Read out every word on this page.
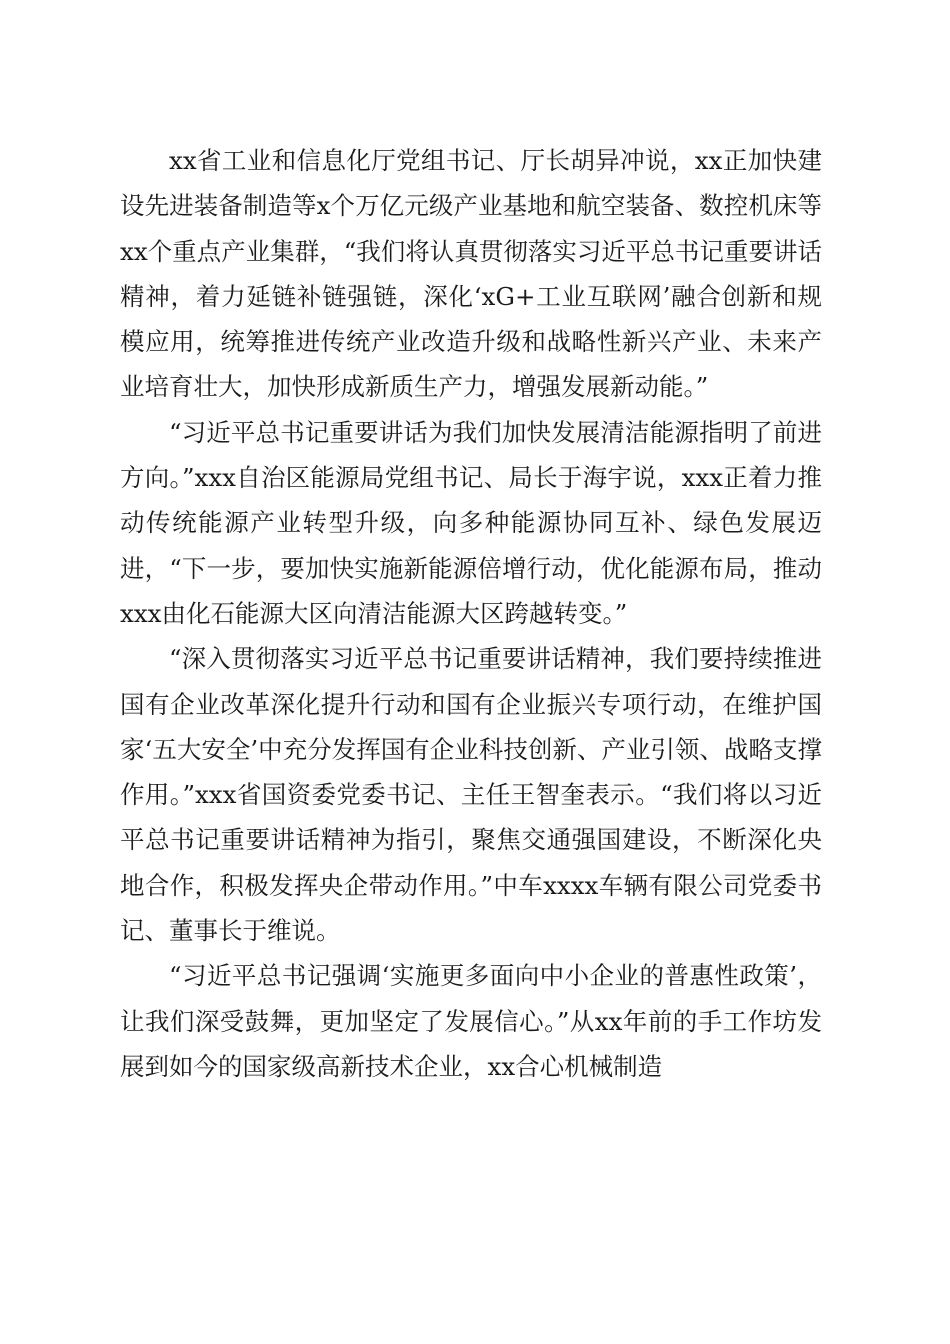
xx省工业和信息化厅党组书记、厅长胡异冲说，xx正加快建设先进装备制造等x个万亿元级产业基地和航空装备、数控机床等xx个重点产业集群，“我们将认真贯彻落实习近平总书记重要讲话精神，着力延链补链强链，深化‘xG+工业互联网’融合创新和规模应用，统筹推进传统产业改造升级和战略性新兴产业、未来产业培育壮大，加快形成新质生产力，增强发展新动能。”

“习近平总书记重要讲话为我们加快发展清洁能源指明了前进方向。”xxx自治区能源局党组书记、局长于海宇说，xxx正着力推动传统能源产业转型升级，向多种能源协同互补、绿色发展迈进，“下一步，要加快实施新能源倍增行动，优化能源布局，推动xxx由化石能源大区向清洁能源大区跨越转变。”

“深入贯彻落实习近平总书记重要讲话精神，我们要持续推进国有企业改革深化提升行动和国有企业振兴专项行动，在维护国家‘五大安全’中充分发挥国有企业科技创新、产业引领、战略支撑作用。”xxx省国资委党委书记、主任王智奎表示。“我们将以习近平总书记重要讲话精神为指引，聚焦交通强国建设，不断深化央地合作，积极发挥央企带动作用。”中车xxxx车辆有限公司党委书记、董事长于维说。

“习近平总书记强调‘实施更多面向中小企业的普惠性政策’，让我们深受鼓舞，更加坚定了发展信心。”从xx年前的手工作坊发展到如今的国家级高新技术企业，xx合心机械制造
